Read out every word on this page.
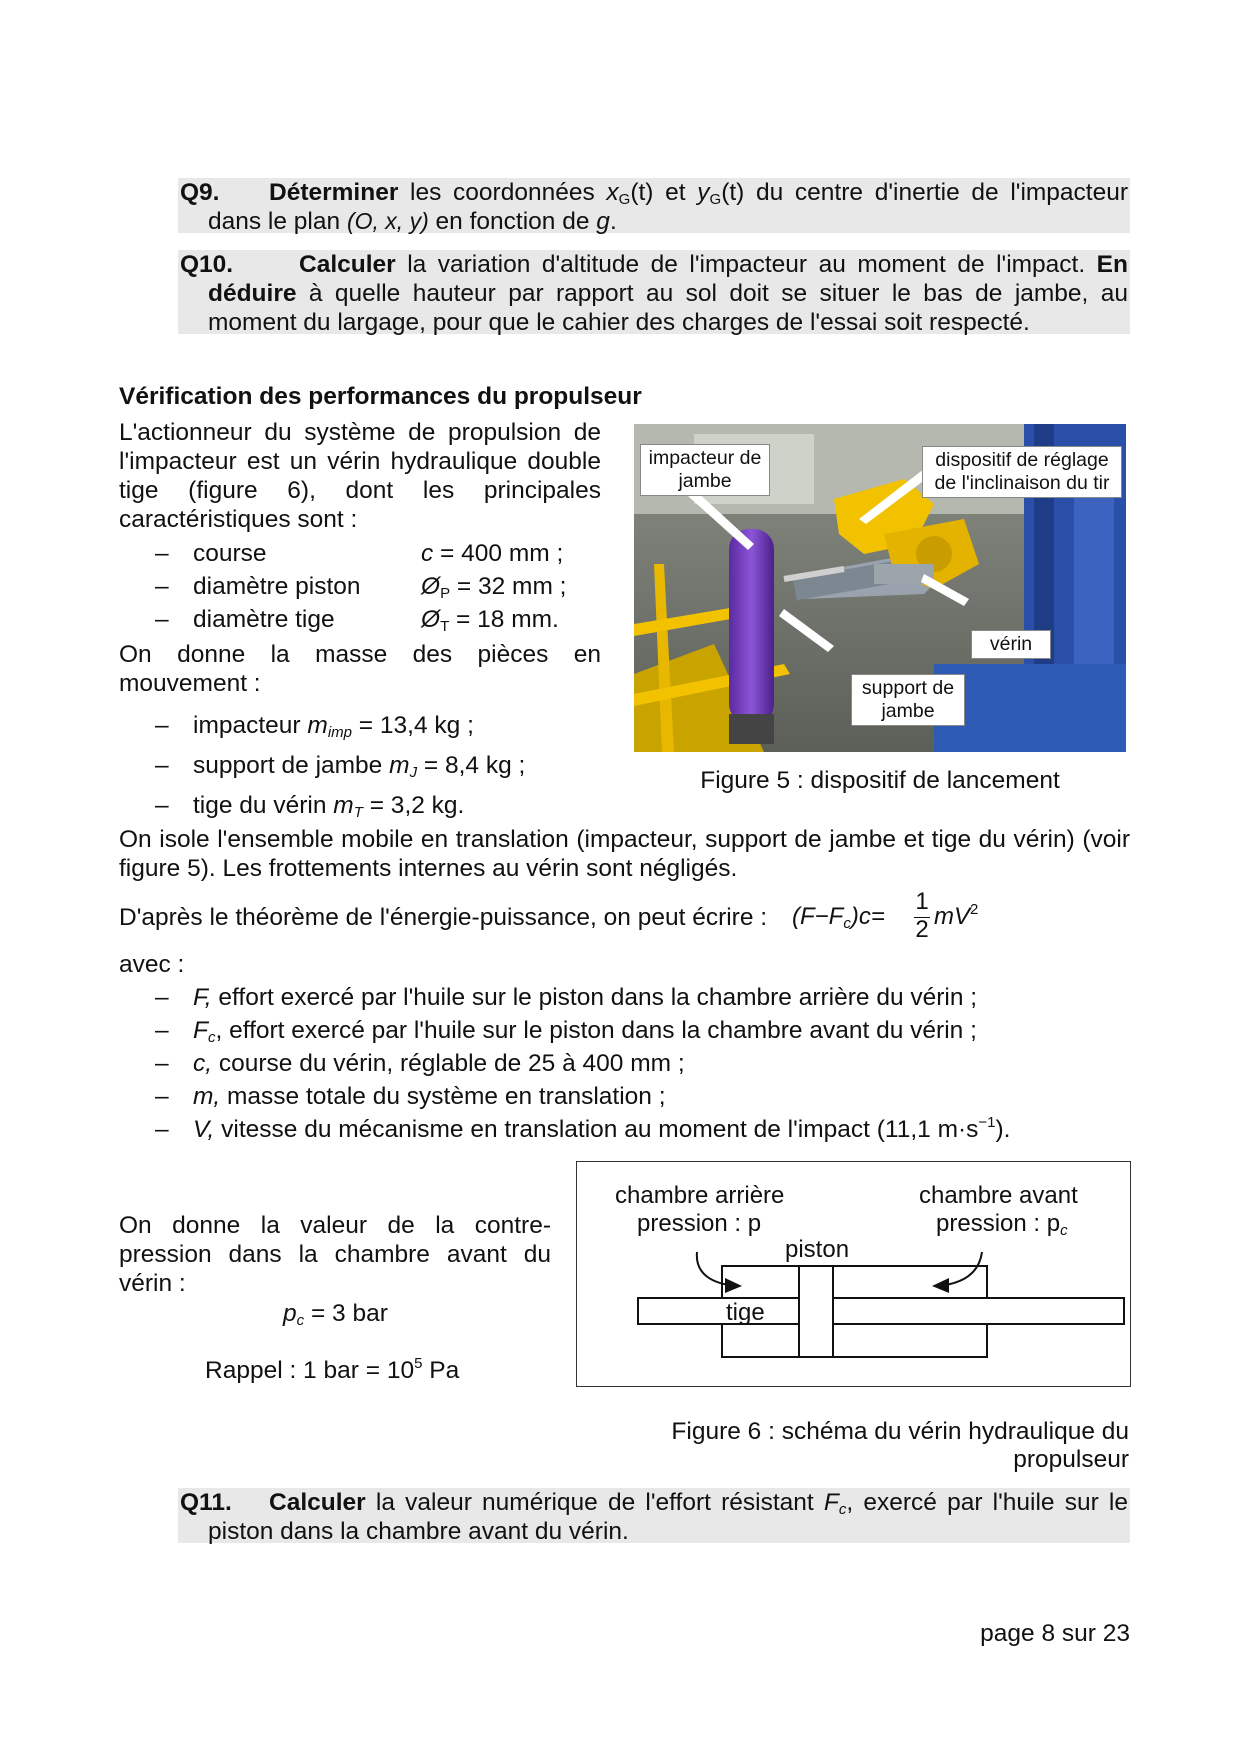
Q9.	Déterminer les coordonnées $x_G(t)$ et $y_G(t)$ du centre d'inertie de l'impacteur
dans le plan (O, x, y) en fonction de g.
Q10.	Calculer la variation d'altitude de l'impacteur au moment de l'impact. En déduire à quelle hauteur par rapport au sol doit se situer le bas de jambe, au moment du largage, pour que le cahier des charges de l'essai soit respecté.
Vérification des performances du propulseur
L'actionneur du système de propulsion de
l'impacteur est un vérin hydraulique double
tige (figure 6), dont les principales
caractéristiques sont :
– course	c = 400 mm ;
– diamètre piston $Ø_P = 32$ mm ;
– diamètre tige	$Ø_T = 18$ mm.
On donne la masse des pièces en
mouvement :
– impacteur $m_{imp} = 13,4$ kg ;
– support de jambe $m_J = 8,4$ kg ;
– tige du vérin $m_T = 3,2$ kg.
impacteur de jambe
dispositif de réglage de l'inclinaison du tir
vérin
support de jambe
Figure 5 : dispositif de lancement
On isole l'ensemble mobile en translation (impacteur, support de jambe et tige du vérin) (voir figure 5). Les frottements internes au vérin sont négligés.
D'après le théorème de l'énergie-puissance, on peut écrire : $(F-F_c)c=$
1
2 $mV^2$
avec :
– F, effort exercé par l'huile sur le piston dans la chambre arrière du vérin ;
– $F_c$, effort exercé par l'huile sur le piston dans la chambre avant du vérin ;
– c, course du vérin, réglable de 25 à 400 mm ;
– m, masse totale du système en translation ;
– V, vitesse du mécanisme en translation au moment de l'impact (11,1 $m\cdot s^{-1}$).
On donne la valeur de la contre-
pression dans la chambre avant du
vérin :
$p_c = 3$ bar
Rappel : 1 bar = $10^5$ Pa
chambre arrière
pression : p
chambre avant
pression : $p_c$
piston
tige
Figure 6 : schéma du vérin hydraulique du propulseur
Q11.	Calculer la valeur numérique de l'effort résistant $F_c$, exercé par l'huile sur le
piston dans la chambre avant du vérin.
page 8 sur 23
